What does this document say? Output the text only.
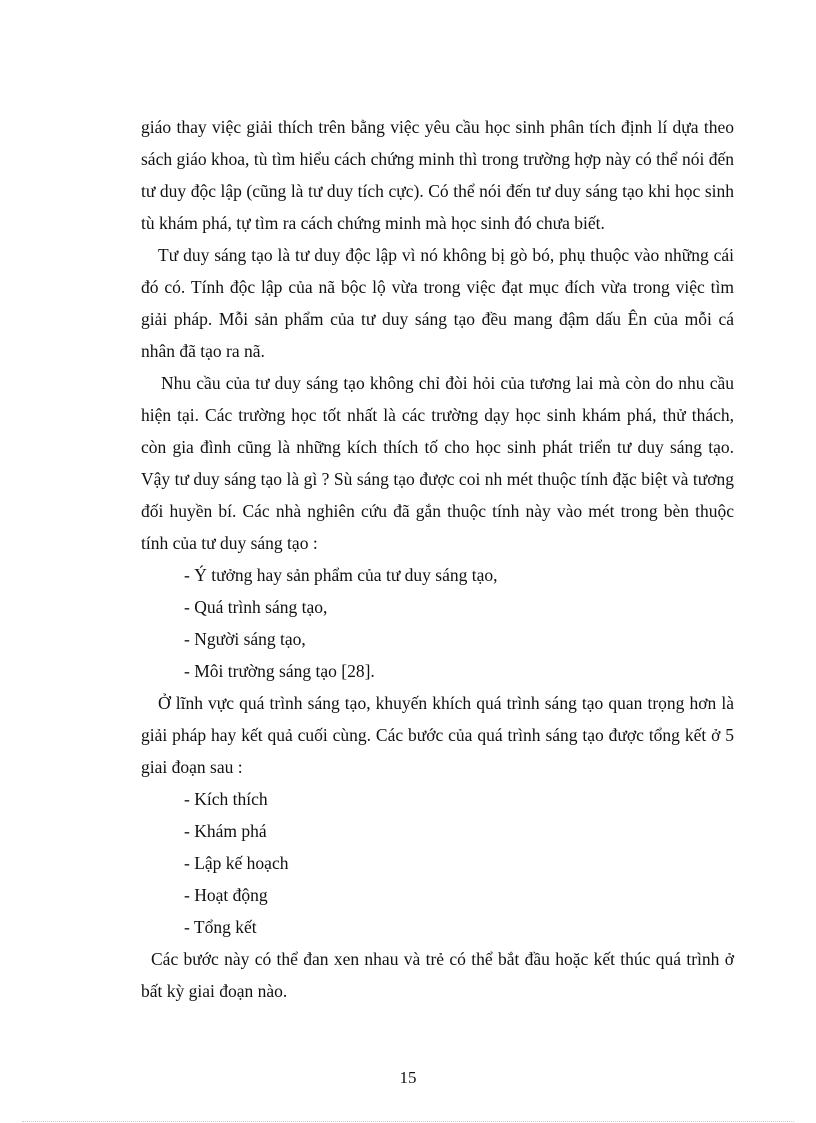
giáo thay việc giải thích trên bằng việc yêu cầu học sinh phân tích định lí dựa theo sách giáo khoa, tù tìm hiểu cách chứng minh thì trong trường hợp này có thể nói đến tư duy độc lập (cũng là tư duy tích cực). Có thể nói đến tư duy sáng tạo khi học sinh tù khám phá, tự tìm ra cách chứng minh mà học sinh đó chưa biết.

Tư duy sáng tạo là tư duy độc lập vì nó không bị gò bó, phụ thuộc vào những cái đó có. Tính độc lập của nã bộc lộ vừa trong việc đạt mục đích vừa trong việc tìm giải pháp. Mỗi sản phẩm của tư duy sáng tạo đều mang đậm dấu Ên của mỗi cá nhân đã tạo ra nã.

Nhu cầu của tư duy sáng tạo không chỉ đòi hỏi của tương lai mà còn do nhu cầu hiện tại. Các trường học tốt nhất là các trường dạy học sinh khám phá, thử thách, còn gia đình cũng là những kích thích tố cho học sinh phát triển tư duy sáng tạo. Vậy tư duy sáng tạo là gì ? Sù sáng tạo được coi nh mét thuộc tính đặc biệt và tương đối huyền bí. Các nhà nghiên cứu đã gắn thuộc tính này vào mét trong bèn thuộc tính của tư duy sáng tạo :

- Ý tưởng hay sản phẩm của tư duy sáng tạo,
- Quá trình sáng tạo,
- Người sáng tạo,
- Môi trường sáng tạo [28].

Ở lĩnh vực quá trình sáng tạo, khuyến khích quá trình sáng tạo quan trọng hơn là giải pháp hay kết quả cuối cùng. Các bước của quá trình sáng tạo được tổng kết ở 5 giai đoạn sau :

- Kích thích
- Khám phá
- Lập kế hoạch
- Hoạt động
- Tổng kết

Các bước này có thể đan xen nhau và trẻ có thể bắt đầu hoặc kết thúc quá trình ở bất kỳ giai đoạn nào.

15
